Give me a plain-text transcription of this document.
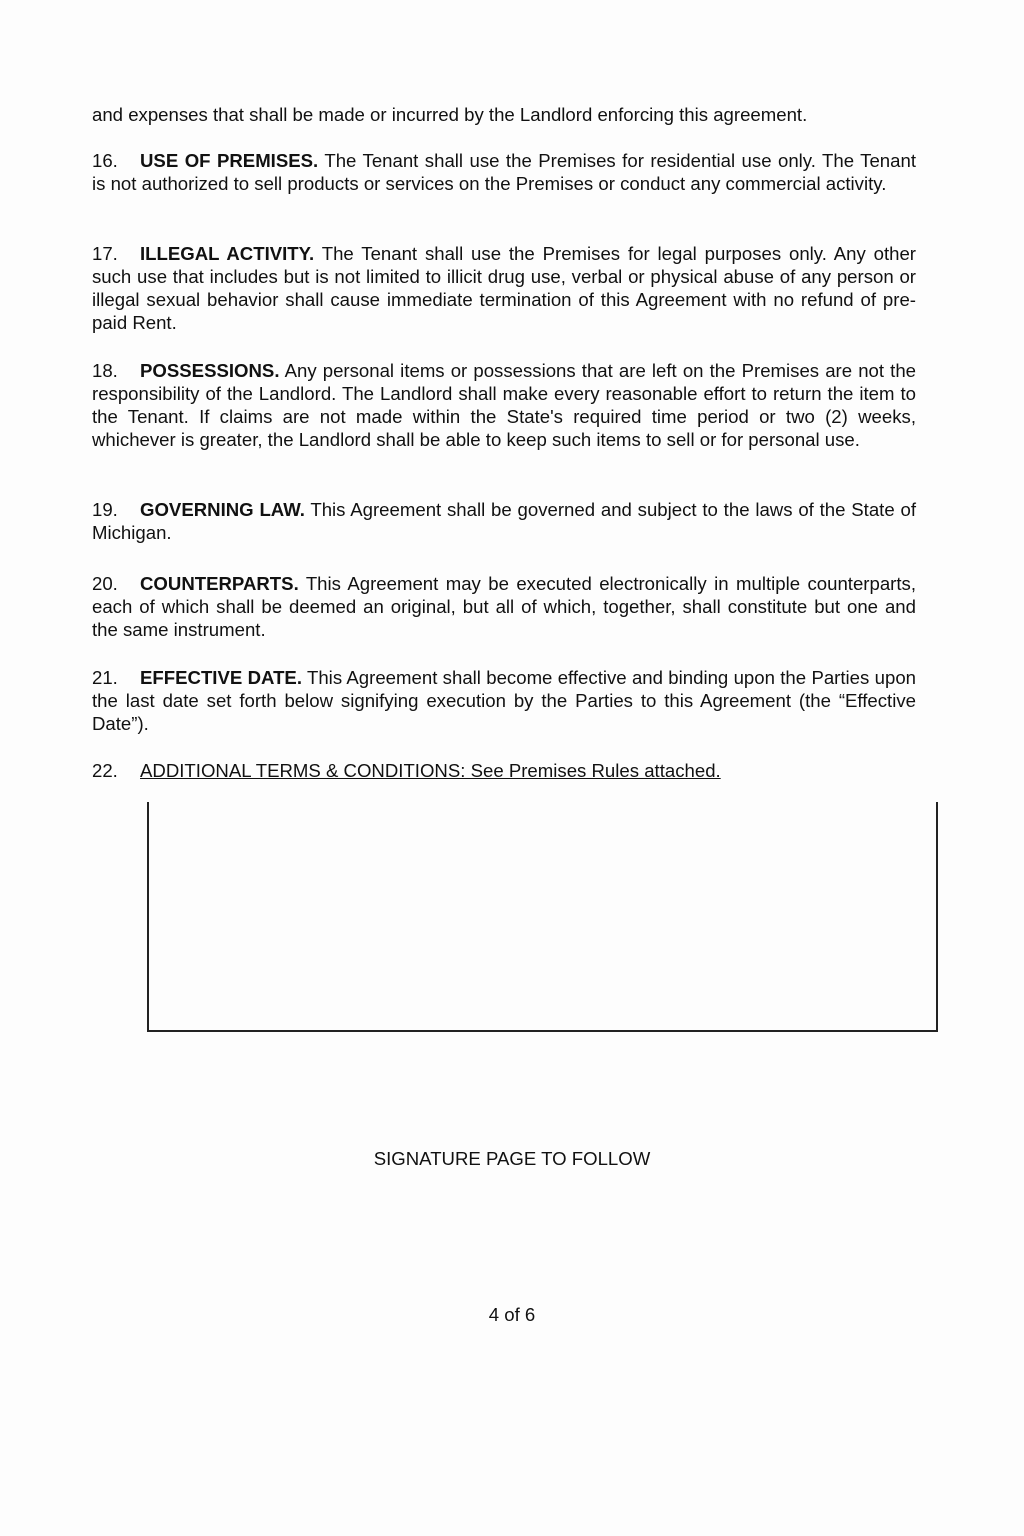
and expenses that shall be made or incurred by the Landlord enforcing this agreement.
16. USE OF PREMISES. The Tenant shall use the Premises for residential use only. The Tenant is not authorized to sell products or services on the Premises or conduct any commercial activity.
17. ILLEGAL ACTIVITY. The Tenant shall use the Premises for legal purposes only. Any other such use that includes but is not limited to illicit drug use, verbal or physical abuse of any person or illegal sexual behavior shall cause immediate termination of this Agreement with no refund of pre-paid Rent.
18. POSSESSIONS. Any personal items or possessions that are left on the Premises are not the responsibility of the Landlord. The Landlord shall make every reasonable effort to return the item to the Tenant. If claims are not made within the State's required time period or two (2) weeks, whichever is greater, the Landlord shall be able to keep such items to sell or for personal use.
19. GOVERNING LAW. This Agreement shall be governed and subject to the laws of the State of Michigan.
20. COUNTERPARTS. This Agreement may be executed electronically in multiple counterparts, each of which shall be deemed an original, but all of which, together, shall constitute but one and the same instrument.
21. EFFECTIVE DATE. This Agreement shall become effective and binding upon the Parties upon the last date set forth below signifying execution by the Parties to this Agreement (the “Effective Date”).
22. ADDITIONAL TERMS & CONDITIONS: See Premises Rules attached.
SIGNATURE PAGE TO FOLLOW
4 of 6
